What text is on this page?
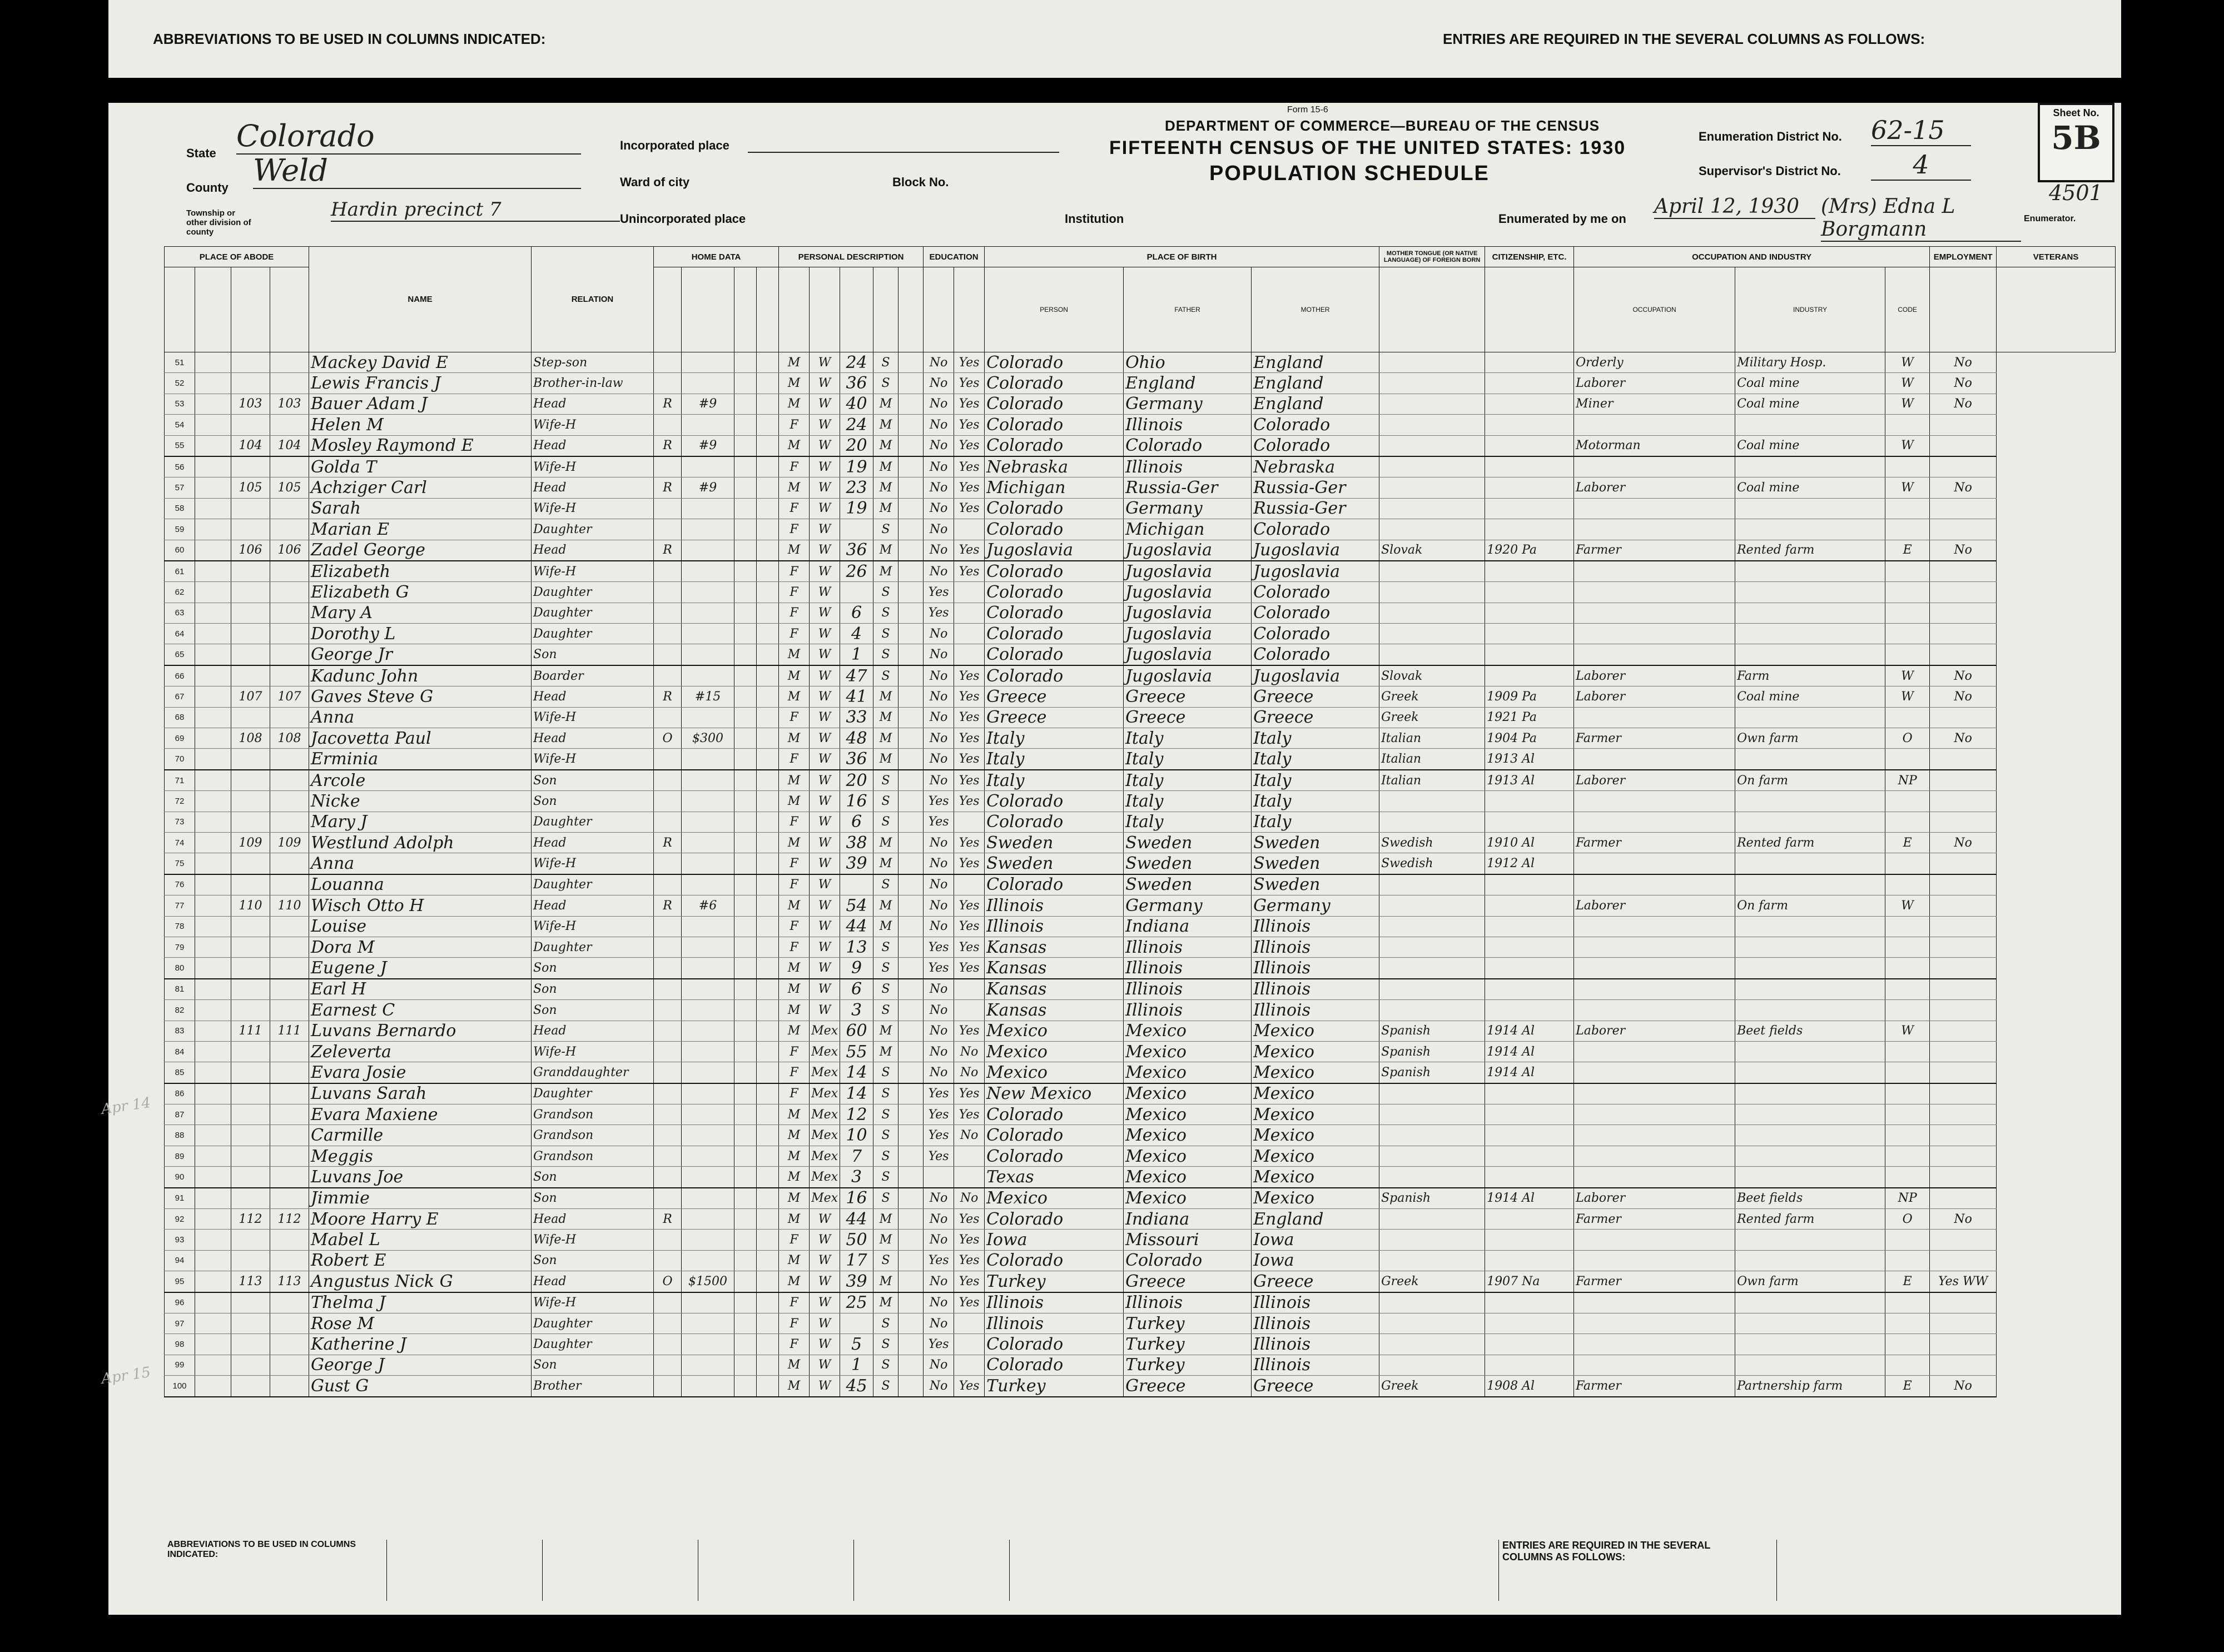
ABBREVIATIONS TO BE USED IN COLUMNS INDICATED:	ENTRIES ARE REQUIRED IN THE SEVERAL COLUMNS AS FOLLOWS:
Form 15-6
DEPARTMENT OF COMMERCE—BUREAU OF THE CENSUS
FIFTEENTH CENSUS OF THE UNITED STATES: 1930
POPULATION SCHEDULE
State Colorado
County Weld
Township or other division of county
Hardin precinct 7
Incorporated place
Ward of city	Block No.
Unincorporated place	Institution
Enumeration District No. 62-15
Supervisor's District No.	4
Sheet No.
5B
4501
Enumerated by me on
April 12, 1930	(Mrs) Edna L Borgmann	Enumerator.
PLACE OF ABODE				NAME	RELATION	HOME DATA				PERSONAL DESCRIPTION					EDUCATION		PLACE OF BIRTH			MOTHER TONGUE (OR NATIVE LANGUAGE) OF FOREIGN BORN	CITIZENSHIP, ETC.	OCCUPATION AND INDUSTRY			EMPLOYMENT	VETERANS
																	PERSON	FATHER	MOTHER			OCCUPATION	INDUSTRY	CODE		
51				Mackey David E	Step-son					M	W	24	S		No	Yes	Colorado	Ohio	England			Orderly	Military Hosp.	W	No	
52				Lewis Francis J	Brother-in-law					M	W	36	S		No	Yes	Colorado	England	England			Laborer	Coal mine	W	No	
53		103	103	Bauer Adam J	Head	R	#9			M	W	40	M		No	Yes	Colorado	Germany	England			Miner	Coal mine	W	No	
54				Helen M	Wife-H					F	W	24	M		No	Yes	Colorado	Illinois	Colorado							
55		104	104	Mosley Raymond E	Head	R	#9			M	W	20	M		No	Yes	Colorado	Colorado	Colorado			Motorman	Coal mine	W		
56				Golda T	Wife-H					F	W	19	M		No	Yes	Nebraska	Illinois	Nebraska							
57		105	105	Achziger Carl	Head	R	#9			M	W	23	M		No	Yes	Michigan	Russia-Ger	Russia-Ger			Laborer	Coal mine	W	No	
58				Sarah	Wife-H					F	W	19	M		No	Yes	Colorado	Germany	Russia-Ger							
59				Marian E	Daughter					F	W		S		No		Colorado	Michigan	Colorado							
60		106	106	Zadel George	Head	R				M	W	36	M		No	Yes	Jugoslavia	Jugoslavia	Jugoslavia	Slovak	1920 Pa	Farmer	Rented farm	E	No	
61				Elizabeth	Wife-H					F	W	26	M		No	Yes	Colorado	Jugoslavia	Jugoslavia							
62				Elizabeth G	Daughter					F	W		S		Yes		Colorado	Jugoslavia	Colorado							
63				Mary A	Daughter					F	W	6	S		Yes		Colorado	Jugoslavia	Colorado							
64				Dorothy L	Daughter					F	W	4	S		No		Colorado	Jugoslavia	Colorado							
65				George Jr	Son					M	W	1	S		No		Colorado	Jugoslavia	Colorado							
66				Kadunc John	Boarder					M	W	47	S		No	Yes	Colorado	Jugoslavia	Jugoslavia	Slovak		Laborer	Farm	W	No	
67		107	107	Gaves Steve G	Head	R	#15			M	W	41	M		No	Yes	Greece	Greece	Greece	Greek	1909 Pa	Laborer	Coal mine	W	No	
68				Anna	Wife-H					F	W	33	M		No	Yes	Greece	Greece	Greece	Greek	1921 Pa					
69		108	108	Jacovetta Paul	Head	O	$300			M	W	48	M		No	Yes	Italy	Italy	Italy	Italian	1904 Pa	Farmer	Own farm	O	No	
70				Erminia	Wife-H					F	W	36	M		No	Yes	Italy	Italy	Italy	Italian	1913 Al					
71				Arcole	Son					M	W	20	S		No	Yes	Italy	Italy	Italy	Italian	1913 Al	Laborer	On farm	NP		
72				Nicke	Son					M	W	16	S		Yes	Yes	Colorado	Italy	Italy							
73				Mary J	Daughter					F	W	6	S		Yes		Colorado	Italy	Italy							
74		109	109	Westlund Adolph	Head	R				M	W	38	M		No	Yes	Sweden	Sweden	Sweden	Swedish	1910 Al	Farmer	Rented farm	E	No	
75				Anna	Wife-H					F	W	39	M		No	Yes	Sweden	Sweden	Sweden	Swedish	1912 Al					
76				Louanna	Daughter					F	W		S		No		Colorado	Sweden	Sweden							
77		110	110	Wisch Otto H	Head	R	#6			M	W	54	M		No	Yes	Illinois	Germany	Germany			Laborer	On farm	W		
78				Louise	Wife-H					F	W	44	M		No	Yes	Illinois	Indiana	Illinois							
79				Dora M	Daughter					F	W	13	S		Yes	Yes	Kansas	Illinois	Illinois							
80				Eugene J	Son					M	W	9	S		Yes	Yes	Kansas	Illinois	Illinois							
81				Earl H	Son					M	W	6	S		No		Kansas	Illinois	Illinois							
82				Earnest C	Son					M	W	3	S		No		Kansas	Illinois	Illinois							
83		111	111	Luvans Bernardo	Head					M	Mex	60	M		No	Yes	Mexico	Mexico	Mexico	Spanish	1914 Al	Laborer	Beet fields	W		
84				Zeleverta	Wife-H					F	Mex	55	M		No	No	Mexico	Mexico	Mexico	Spanish	1914 Al					
85				Evara Josie	Granddaughter					F	Mex	14	S		No	No	Mexico	Mexico	Mexico	Spanish	1914 Al					
86				Luvans Sarah	Daughter					F	Mex	14	S		Yes	Yes	New Mexico	Mexico	Mexico							
87				Evara Maxiene	Grandson					M	Mex	12	S		Yes	Yes	Colorado	Mexico	Mexico							
88				Carmille	Grandson					M	Mex	10	S		Yes	No	Colorado	Mexico	Mexico							
89				Meggis	Grandson					M	Mex	7	S		Yes		Colorado	Mexico	Mexico							
90				Luvans Joe	Son					M	Mex	3	S				Texas	Mexico	Mexico							
91				Jimmie	Son					M	Mex	16	S		No	No	Mexico	Mexico	Mexico	Spanish	1914 Al	Laborer	Beet fields	NP		
92		112	112	Moore Harry E	Head	R				M	W	44	M		No	Yes	Colorado	Indiana	England			Farmer	Rented farm	O	No	
93				Mabel L	Wife-H					F	W	50	M		No	Yes	Iowa	Missouri	Iowa							
94				Robert E	Son					M	W	17	S		Yes	Yes	Colorado	Colorado	Iowa							
95		113	113	Angustus Nick G	Head	O	$1500			M	W	39	M		No	Yes	Turkey	Greece	Greece	Greek	1907 Na	Farmer	Own farm	E	Yes WW	
96				Thelma J	Wife-H					F	W	25	M		No	Yes	Illinois	Illinois	Illinois							
97				Rose M	Daughter					F	W		S		No		Illinois	Turkey	Illinois							
98				Katherine J	Daughter					F	W	5	S		Yes		Colorado	Turkey	Illinois							
99				George J	Son					M	W	1	S		No		Colorado	Turkey	Illinois							
100				Gust G	Brother					M	W	45	S		No	Yes	Turkey	Greece	Greece	Greek	1908 Al	Farmer	Partnership farm	E	No	
ABBREVIATIONS TO BE USED IN COLUMNS INDICATED:
ENTRIES ARE REQUIRED IN THE SEVERAL COLUMNS AS FOLLOWS:
Apr 14
Apr 15
